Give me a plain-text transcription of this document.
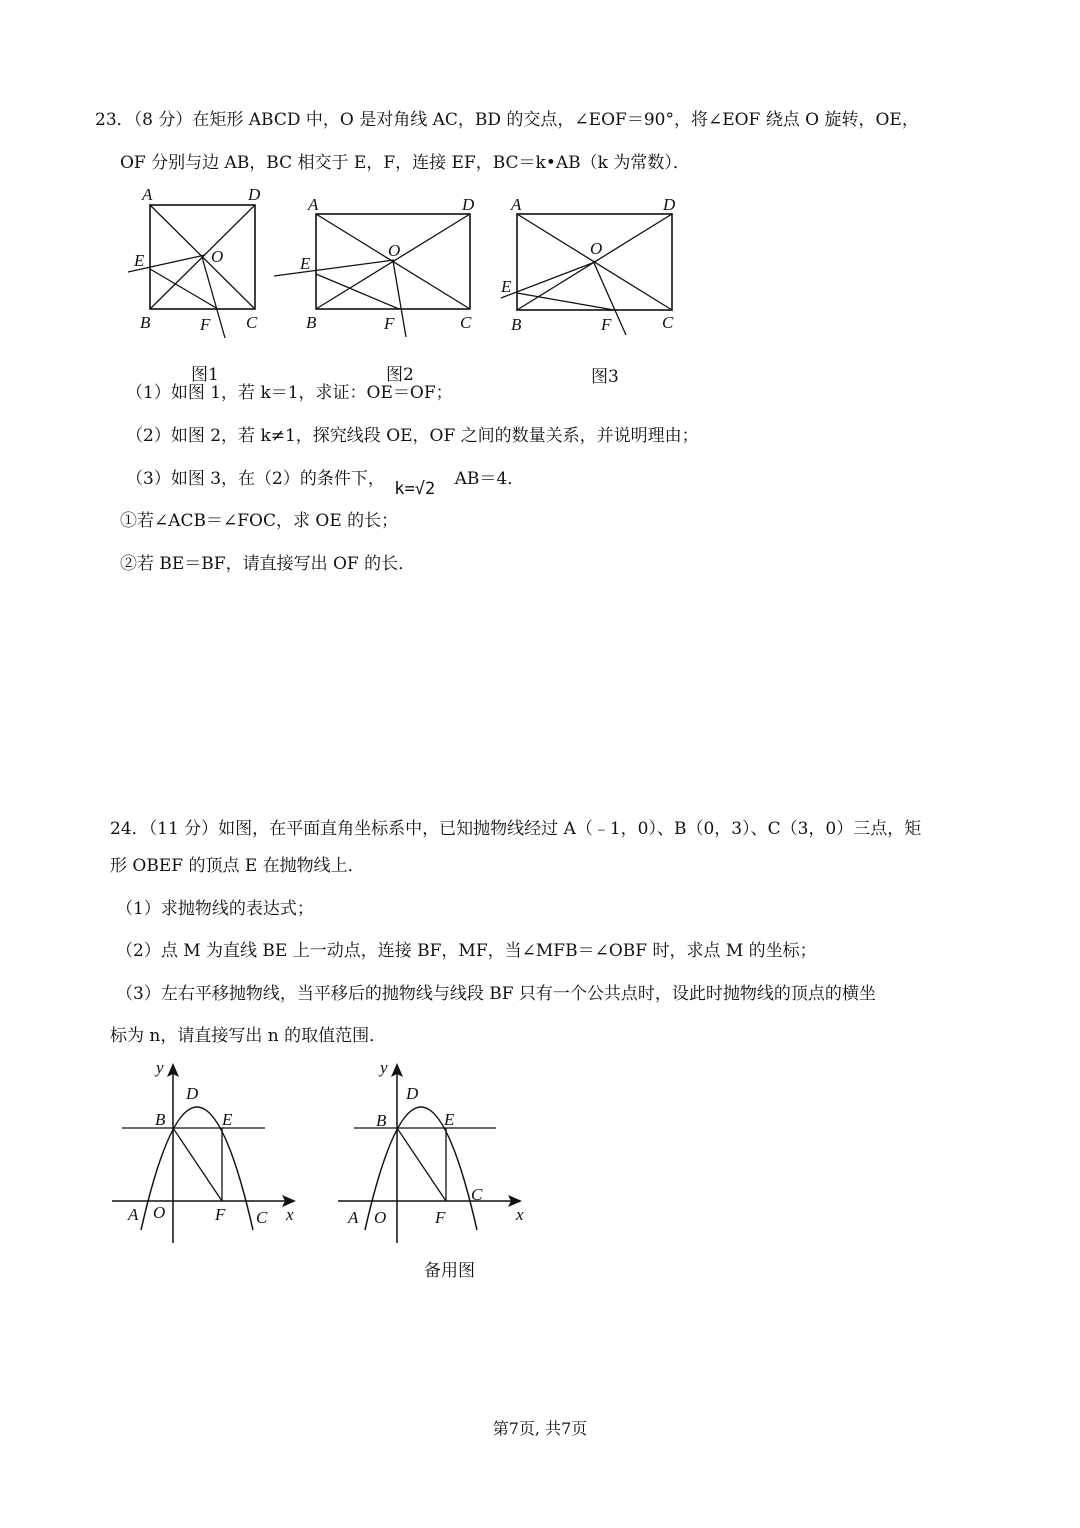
23．（8 分）在矩形 ABCD 中，O 是对角线 AC，BD 的交点，∠EOF＝90°，将∠EOF 绕点 O 旋转，OE，
OF 分别与边 AB，BC 相交于 E，F，连接 EF，BC＝k•AB（k 为常数）．
A	D
E	O
B	F C
图1
A	D
E
O
B	F	C
图2
A	D
E
O
B	F	C
图3
（1）如图 1，若 k＝1，求证：OE＝OF；
（2）如图 2，若 k≠1，探究线段 OE，OF 之间的数量关系，并说明理由；
（3）如图 3，在（2）的条件下， k=√2 AB＝4．
①若∠ACB＝∠FOC，求 OE 的长；
②若 BE＝BF，请直接写出 OF 的长．
24．（11 分）如图，在平面直角坐标系中，已知抛物线经过 A（﹣1，0）、B（0，3）、C（3，0）三点，矩
形 OBEF 的顶点 E 在抛物线上．
（1）求抛物线的表达式；
（2）点 M 为直线 BE 上一动点，连接 BF，MF，当∠MFB＝∠OBF 时，求点 M 的坐标；
（3）左右平移抛物线，当平移后的抛物线与线段 BF 只有一个公共点时，设此时抛物线的顶点的横坐
标为 n，请直接写出 n 的取值范围．
y
D
B	E
A O	F C x
y
D
B	E
A O	F
C
x
备用图
第7页, 共7页
